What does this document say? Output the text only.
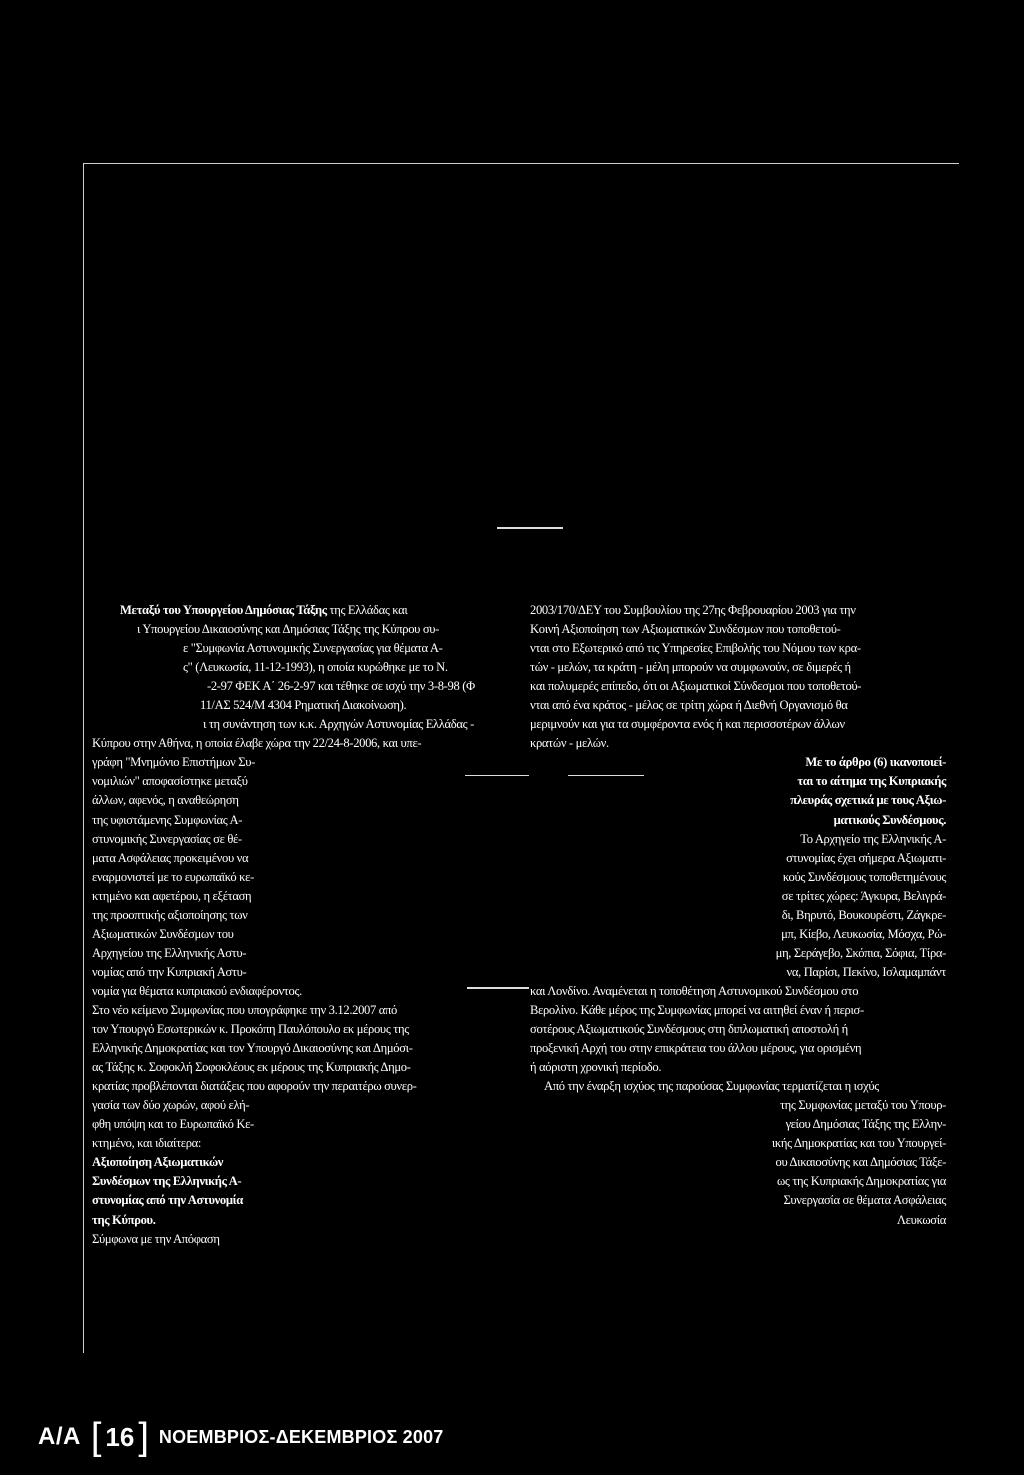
Μεταξύ του Υπουργείου Δημόσιας Τάξης της Ελλάδας και

ι Υπουργείου Δικαιοσύνης και Δημόσιας Τάξης της Κύπρου συ-

ε "Συμφωνία Αστυνομικής Συνεργασίας για θέματα Α-

ς" (Λευκωσία, 11-12-1993), η οποία κυρώθηκε με το Ν.

-2-97 ΦΕΚ Α΄ 26-2-97 και τέθηκε σε ισχύ την 3-8-98 (Φ

11/ΑΣ 524/Μ 4304 Ρηματική Διακοίνωση).

ι τη συνάντηση των κ.κ. Αρχηγών Αστυνομίας Ελλάδας -

Κύπρου στην Αθήνα, η οποία έλαβε χώρα την 22/24-8-2006, και υπε-

γράφη "Μνημόνιο Επιστήμων Συ-

νομιλιών" αποφασίστηκε μεταξύ

άλλων, αφενός, η αναθεώρηση

της υφιστάμενης Συμφωνίας Α-

στυνομικής Συνεργασίας σε θέ-

ματα Ασφάλειας προκειμένου να

εναρμονιστεί με το ευρωπαϊκό κε-

κτημένο και αφετέρου, η εξέταση

της προοπτικής αξιοποίησης των

Αξιωματικών Συνδέσμων του

Αρχηγείου της Ελληνικής Αστυ-

νομίας από την Κυπριακή Αστυ-

νομία για θέματα κυπριακού ενδιαφέροντος.

Στο νέο κείμενο Συμφωνίας που υπογράφηκε την 3.12.2007 από

τον Υπουργό Εσωτερικών κ. Προκόπη Παυλόπουλο εκ μέρους της

Ελληνικής Δημοκρατίας και τον Υπουργό Δικαιοσύνης και Δημόσι-

ας Τάξης κ. Σοφοκλή Σοφοκλέους εκ μέρους της Κυπριακής Δημο-

κρατίας προβλέπονται διατάξεις που αφορούν την περαιτέρω συνερ-

γασία των δύο χωρών, αφού ελή-

φθη υπόψη και το Ευρωπαϊκό Κε-

κτημένο, και ιδιαίτερα:

Αξιοποίηση Αξιωματικών

Συνδέσμων της Ελληνικής Α-

στυνομίας από την Αστυνομία

της Κύπρου.

Σύμφωνα με την Απόφαση

2003/170/ΔΕΥ του Συμβουλίου της 27ης Φεβρουαρίου 2003 για την

Κοινή Αξιοποίηση των Αξιωματικών Συνδέσμων που τοποθετού-

νται στο Εξωτερικό από τις Υπηρεσίες Επιβολής του Νόμου των κρα-

τών - μελών, τα κράτη - μέλη μπορούν να συμφωνούν, σε διμερές ή

και πολυμερές επίπεδο, ότι οι Αξιωματικοί Σύνδεσμοι που τοποθετού-

νται από ένα κράτος - μέλος σε τρίτη χώρα ή Διεθνή Οργανισμό θα

μεριμνούν και για τα συμφέροντα ενός ή και περισσοτέρων άλλων

κρατών - μελών.

Με το άρθρο (6) ικανοποιεί-

ται το αίτημα της Κυπριακής

πλευράς σχετικά με τους Αξιω-

ματικούς Συνδέσμους.

Το Αρχηγείο της Ελληνικής Α-

στυνομίας έχει σήμερα Αξιωματι-

κούς Συνδέσμους τοποθετημένους

σε τρίτες χώρες: Άγκυρα, Βελιγρά-

δι, Βηρυτό, Βουκουρέστι, Ζάγκρε-

μπ, Κίεβο, Λευκωσία, Μόσχα, Ρώ-

μη, Σεράγεβο, Σκόπια, Σόφια, Τίρα-

να, Παρίσι, Πεκίνο, Ισλαμαμπάντ

και Λονδίνο. Αναμένεται η τοποθέτηση Αστυνομικού Συνδέσμου στο

Βερολίνο. Κάθε μέρος της Συμφωνίας μπορεί να αιτηθεί έναν ή περισ-

σοτέρους Αξιωματικούς Συνδέσμους στη διπλωματική αποστολή ή

προξενική Αρχή του στην επικράτεια του άλλου μέρους, για ορισμένη

ή αόριστη χρονική περίοδο.

Από την έναρξη ισχύος της παρούσας Συμφωνίας τερματίζεται η ισχύς

της Συμφωνίας μεταξύ του Υπουρ-

γείου Δημόσιας Τάξης της Ελλην-

ικής Δημοκρατίας και του Υπουργεί-

ου Δικαιοσύνης και Δημόσιας Τάξε-

ως της Κυπριακής Δημοκρατίας για

Συνεργασία σε θέματα Ασφάλειας

Λευκωσία

Α/Α [ 16 ] ΝΟΕΜΒΡΙΟΣ-ΔΕΚΕΜΒΡΙΟΣ 2007
